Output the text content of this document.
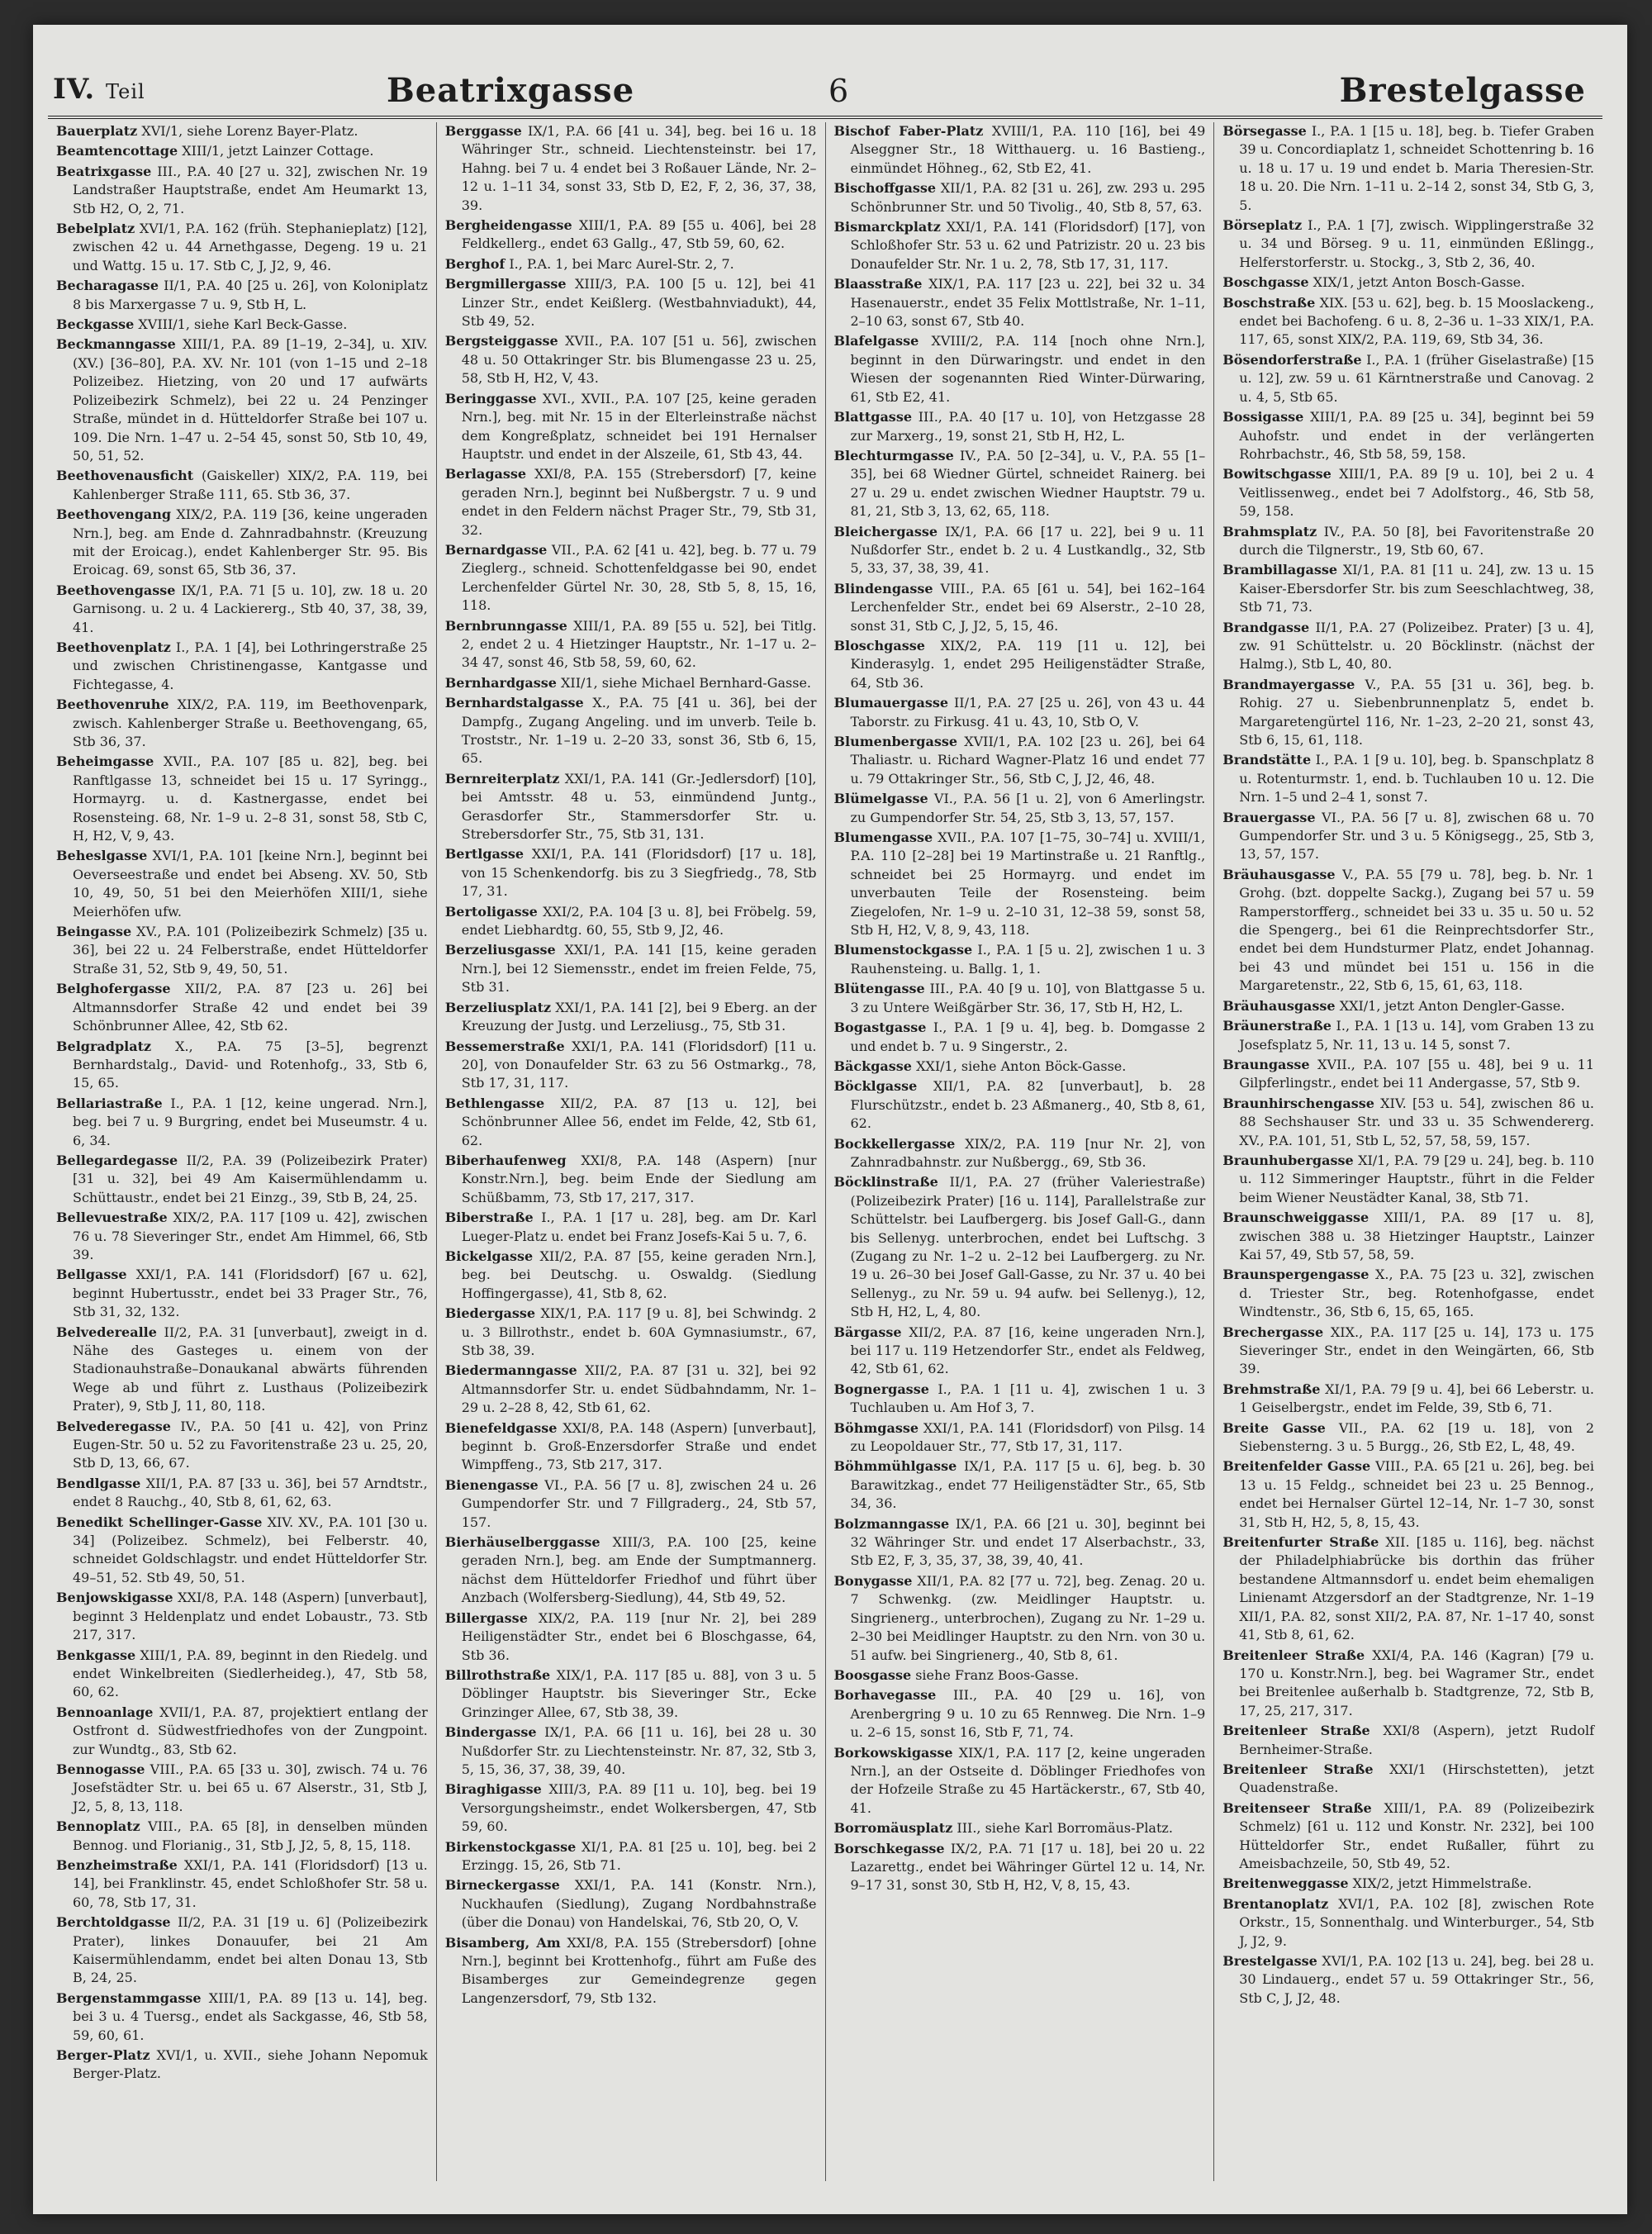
IV. Teil	Beatrixgasse	6	Brestelgasse

Bauerplatz XVI/1, siehe Lorenz Bayer-Platz.

Beamtencottage XIII/1, jetzt Lainzer Cottage.

Beatrixgasse III., P.A. 40 [27 u. 32], zwischen Nr. 19 Landstraßer Hauptstraße, endet Am Heumarkt 13, Stb H2, O, 2, 71.

Bebelplatz XVI/1, P.A. 162 (früh. Stephanieplatz) [12], zwischen 42 u. 44 Arnethgasse, Degeng. 19 u. 21 und Wattg. 15 u. 17. Stb C, J, J2, 9, 46.

Becharagasse II/1, P.A. 40 [25 u. 26], von Koloniplatz 8 bis Marxergasse 7 u. 9, Stb H, L.

Beckgasse XVIII/1, siehe Karl Beck-Gasse.

Beckmanngasse XIII/1, P.A. 89 [1–19, 2–34], u. XIV. (XV.) [36–80], P.A. XV. Nr. 101 (von 1–15 und 2–18 Polizeibez. Hietzing, von 20 und 17 aufwärts Polizeibezirk Schmelz), bei 22 u. 24 Penzinger Straße, mündet in d. Hütteldorfer Straße bei 107 u. 109. Die Nrn. 1–47 u. 2–54 45, sonst 50, Stb 10, 49, 50, 51, 52.

Beethovenausficht (Gaiskeller) XIX/2, P.A. 119, bei Kahlenberger Straße 111, 65. Stb 36, 37.

Beethovengang XIX/2, P.A. 119 [36, keine ungeraden Nrn.], beg. am Ende d. Zahnradbahnstr. (Kreuzung mit der Eroicag.), endet Kahlenberger Str. 95. Bis Eroicag. 69, sonst 65, Stb 36, 37.

Beethovengasse IX/1, P.A. 71 [5 u. 10], zw. 18 u. 20 Garnisong. u. 2 u. 4 Lackiererg., Stb 40, 37, 38, 39, 41.

Beethovenplatz I., P.A. 1 [4], bei Lothringerstraße 25 und zwischen Christinengasse, Kantgasse und Fichtegasse, 4.

Beethovenruhe XIX/2, P.A. 119, im Beethovenpark, zwisch. Kahlenberger Straße u. Beethovengang, 65, Stb 36, 37.

Beheimgasse XVII., P.A. 107 [85 u. 82], beg. bei Ranftlgasse 13, schneidet bei 15 u. 17 Syringg., Hormayrg. u. d. Kastnergasse, endet bei Rosensteing. 68, Nr. 1–9 u. 2–8 31, sonst 58, Stb C, H, H2, V, 9, 43.

Beheslgasse XVI/1, P.A. 101 [keine Nrn.], beginnt bei Oeverseestraße und endet bei Abseng. XV. 50, Stb 10, 49, 50, 51 bei den Meierhöfen XIII/1, siehe Meierhöfen ufw.

Beingasse XV., P.A. 101 (Polizeibezirk Schmelz) [35 u. 36], bei 22 u. 24 Felberstraße, endet Hütteldorfer Straße 31, 52, Stb 9, 49, 50, 51.

Belghofergasse XII/2, P.A. 87 [23 u. 26] bei Altmannsdorfer Straße 42 und endet bei 39 Schönbrunner Allee, 42, Stb 62.

Belgradplatz X., P.A. 75 [3–5], begrenzt Bernhardstalg., David- und Rotenhofg., 33, Stb 6, 15, 65.

Bellariastraße I., P.A. 1 [12, keine ungerad. Nrn.], beg. bei 7 u. 9 Burgring, endet bei Museumstr. 4 u. 6, 34.

Bellegardegasse II/2, P.A. 39 (Polizeibezirk Prater) [31 u. 32], bei 49 Am Kaisermühlendamm u. Schüttaustr., endet bei 21 Einzg., 39, Stb B, 24, 25.

Bellevuestraße XIX/2, P.A. 117 [109 u. 42], zwischen 76 u. 78 Sieveringer Str., endet Am Himmel, 66, Stb 39.

Bellgasse XXI/1, P.A. 141 (Floridsdorf) [67 u. 62], beginnt Hubertusstr., endet bei 33 Prager Str., 76, Stb 31, 32, 132.

Belvederealle II/2, P.A. 31 [unverbaut], zweigt in d. Nähe des Gasteges u. einem von der Stadionauhstraße–Donaukanal abwärts führenden Wege ab und führt z. Lusthaus (Polizeibezirk Prater), 9, Stb J, 11, 80, 118.

Belvederegasse IV., P.A. 50 [41 u. 42], von Prinz Eugen-Str. 50 u. 52 zu Favoritenstraße 23 u. 25, 20, Stb D, 13, 66, 67.

Bendlgasse XII/1, P.A. 87 [33 u. 36], bei 57 Arndtstr., endet 8 Rauchg., 40, Stb 8, 61, 62, 63.

Benedikt Schellinger-Gasse XIV. XV., P.A. 101 [30 u. 34] (Polizeibez. Schmelz), bei Felberstr. 40, schneidet Goldschlagstr. und endet Hütteldorfer Str. 49–51, 52. Stb 49, 50, 51.

Benjowskigasse XXI/8, P.A. 148 (Aspern) [unverbaut], beginnt 3 Heldenplatz und endet Lobaustr., 73. Stb 217, 317.

Benkgasse XIII/1, P.A. 89, beginnt in den Riedelg. und endet Winkelbreiten (Siedlerheideg.), 47, Stb 58, 60, 62.

Bennoanlage XVII/1, P.A. 87, projektiert entlang der Ostfront d. Südwestfriedhofes von der Zungpoint. zur Wundtg., 83, Stb 62.

Bennogasse VIII., P.A. 65 [33 u. 30], zwisch. 74 u. 76 Josefstädter Str. u. bei 65 u. 67 Alserstr., 31, Stb J, J2, 5, 8, 13, 118.

Bennoplatz VIII., P.A. 65 [8], in denselben münden Bennog. und Florianig., 31, Stb J, J2, 5, 8, 15, 118.

Benzheimstraße XXI/1, P.A. 141 (Floridsdorf) [13 u. 14], bei Franklinstr. 45, endet Schloßhofer Str. 58 u. 60, 78, Stb 17, 31.

Berchtoldgasse II/2, P.A. 31 [19 u. 6] (Polizeibezirk Prater), linkes Donauufer, bei 21 Am Kaisermühlendamm, endet bei alten Donau 13, Stb B, 24, 25.

Bergenstammgasse XIII/1, P.A. 89 [13 u. 14], beg. bei 3 u. 4 Tuersg., endet als Sackgasse, 46, Stb 58, 59, 60, 61.

Berger-Platz XVI/1, u. XVII., siehe Johann Nepomuk Berger-Platz.

Berggasse IX/1, P.A. 66 [41 u. 34], beg. bei 16 u. 18 Währinger Str., schneid. Liechtensteinstr. bei 17, Hahng. bei 7 u. 4 endet bei 3 Roßauer Lände, Nr. 2–12 u. 1–11 34, sonst 33, Stb D, E2, F, 2, 36, 37, 38, 39.

Bergheidengasse XIII/1, P.A. 89 [55 u. 406], bei 28 Feldkellerg., endet 63 Gallg., 47, Stb 59, 60, 62.

Berghof I., P.A. 1, bei Marc Aurel-Str. 2, 7.

Bergmillergasse XIII/3, P.A. 100 [5 u. 12], bei 41 Linzer Str., endet Keißlerg. (Westbahnviadukt), 44, Stb 49, 52.

Bergsteiggasse XVII., P.A. 107 [51 u. 56], zwischen 48 u. 50 Ottakringer Str. bis Blumengasse 23 u. 25, 58, Stb H, H2, V, 43.

Beringgasse XVI., XVII., P.A. 107 [25, keine geraden Nrn.], beg. mit Nr. 15 in der Elterleinstraße nächst dem Kongreßplatz, schneidet bei 191 Hernalser Hauptstr. und endet in der Alszeile, 61, Stb 43, 44.

Berlagasse XXI/8, P.A. 155 (Strebersdorf) [7, keine geraden Nrn.], beginnt bei Nußbergstr. 7 u. 9 und endet in den Feldern nächst Prager Str., 79, Stb 31, 32.

Bernardgasse VII., P.A. 62 [41 u. 42], beg. b. 77 u. 79 Zieglerg., schneid. Schottenfeldgasse bei 90, endet Lerchenfelder Gürtel Nr. 30, 28, Stb 5, 8, 15, 16, 118.

Bernbrunngasse XIII/1, P.A. 89 [55 u. 52], bei Titlg. 2, endet 2 u. 4 Hietzinger Hauptstr., Nr. 1–17 u. 2–34 47, sonst 46, Stb 58, 59, 60, 62.

Bernhardgasse XII/1, siehe Michael Bernhard-Gasse.

Bernhardstalgasse X., P.A. 75 [41 u. 36], bei der Dampfg., Zugang Angeling. und im unverb. Teile b. Troststr., Nr. 1–19 u. 2–20 33, sonst 36, Stb 6, 15, 65.

Bernreiterplatz XXI/1, P.A. 141 (Gr.-Jedlersdorf) [10], bei Amtsstr. 48 u. 53, einmündend Juntg., Gerasdorfer Str., Stammersdorfer Str. u. Strebersdorfer Str., 75, Stb 31, 131.

Bertlgasse XXI/1, P.A. 141 (Floridsdorf) [17 u. 18], von 15 Schenkendorfg. bis zu 3 Siegfriedg., 78, Stb 17, 31.

Bertoligasse XXI/2, P.A. 104 [3 u. 8], bei Fröbelg. 59, endet Liebhardtg. 60, 55, Stb 9, J2, 46.

Berzeliusgasse XXI/1, P.A. 141 [15, keine geraden Nrn.], bei 12 Siemensstr., endet im freien Felde, 75, Stb 31.

Berzeliusplatz XXI/1, P.A. 141 [2], bei 9 Eberg. an der Kreuzung der Justg. und Lerzeliusg., 75, Stb 31.

Bessemerstraße XXI/1, P.A. 141 (Floridsdorf) [11 u. 20], von Donaufelder Str. 63 zu 56 Ostmarkg., 78, Stb 17, 31, 117.

Bethlengasse XII/2, P.A. 87 [13 u. 12], bei Schönbrunner Allee 56, endet im Felde, 42, Stb 61, 62.

Biberhaufenweg XXI/8, P.A. 148 (Aspern) [nur Konstr.Nrn.], beg. beim Ende der Siedlung am Schüßbamm, 73, Stb 17, 217, 317.

Biberstraße I., P.A. 1 [17 u. 28], beg. am Dr. Karl Lueger-Platz u. endet bei Franz Josefs-Kai 5 u. 7, 6.

Bickelgasse XII/2, P.A. 87 [55, keine geraden Nrn.], beg. bei Deutschg. u. Oswaldg. (Siedlung Hoffingergasse), 41, Stb 8, 62.

Biedergasse XIX/1, P.A. 117 [9 u. 8], bei Schwindg. 2 u. 3 Billrothstr., endet b. 60A Gymnasiumstr., 67, Stb 38, 39.

Biedermanngasse XII/2, P.A. 87 [31 u. 32], bei 92 Altmannsdorfer Str. u. endet Südbahndamm, Nr. 1–29 u. 2–28 8, 42, Stb 61, 62.

Bienefeldgasse XXI/8, P.A. 148 (Aspern) [unverbaut], beginnt b. Groß-Enzersdorfer Straße und endet Wimpffeng., 73, Stb 217, 317.

Bienengasse VI., P.A. 56 [7 u. 8], zwischen 24 u. 26 Gumpendorfer Str. und 7 Fillgraderg., 24, Stb 57, 157.

Bierhäuselberggasse XIII/3, P.A. 100 [25, keine geraden Nrn.], beg. am Ende der Sumptmannerg. nächst dem Hütteldorfer Friedhof und führt über Anzbach (Wolfersberg-Siedlung), 44, Stb 49, 52.

Billergasse XIX/2, P.A. 119 [nur Nr. 2], bei 289 Heiligenstädter Str., endet bei 6 Bloschgasse, 64, Stb 36.

Billrothstraße XIX/1, P.A. 117 [85 u. 88], von 3 u. 5 Döblinger Hauptstr. bis Sieveringer Str., Ecke Grinzinger Allee, 67, Stb 38, 39.

Bindergasse IX/1, P.A. 66 [11 u. 16], bei 28 u. 30 Nußdorfer Str. zu Liechtensteinstr. Nr. 87, 32, Stb 3, 5, 15, 36, 37, 38, 39, 40.

Biraghigasse XIII/3, P.A. 89 [11 u. 10], beg. bei 19 Versorgungsheimstr., endet Wolkersbergen, 47, Stb 59, 60.

Birkenstockgasse XI/1, P.A. 81 [25 u. 10], beg. bei 2 Erzingg. 15, 26, Stb 71.

Birneckergasse XXI/1, P.A. 141 (Konstr. Nrn.), Nuckhaufen (Siedlung), Zugang Nordbahnstraße (über die Donau) von Handelskai, 76, Stb 20, O, V.

Bisamberg, Am XXI/8, P.A. 155 (Strebersdorf) [ohne Nrn.], beginnt bei Krottenhofg., führt am Fuße des Bisamberges zur Gemeindegrenze gegen Langenzersdorf, 79, Stb 132.

Bischof Faber-Platz XVIII/1, P.A. 110 [16], bei 49 Alseggner Str., 18 Witthauerg. u. 16 Bastieng., einmündet Höhneg., 62, Stb E2, 41.

Bischoffgasse XII/1, P.A. 82 [31 u. 26], zw. 293 u. 295 Schönbrunner Str. und 50 Tivolig., 40, Stb 8, 57, 63.

Bismarckplatz XXI/1, P.A. 141 (Floridsdorf) [17], von Schloßhofer Str. 53 u. 62 und Patrizistr. 20 u. 23 bis Donaufelder Str. Nr. 1 u. 2, 78, Stb 17, 31, 117.

Blaasstraße XIX/1, P.A. 117 [23 u. 22], bei 32 u. 34 Hasenauerstr., endet 35 Felix Mottlstraße, Nr. 1–11, 2–10 63, sonst 67, Stb 40.

Blafelgasse XVIII/2, P.A. 114 [noch ohne Nrn.], beginnt in den Dürwaringstr. und endet in den Wiesen der sogenannten Ried Winter-Dürwaring, 61, Stb E2, 41.

Blattgasse III., P.A. 40 [17 u. 10], von Hetzgasse 28 zur Marxerg., 19, sonst 21, Stb H, H2, L.

Blechturmgasse IV., P.A. 50 [2–34], u. V., P.A. 55 [1–35], bei 68 Wiedner Gürtel, schneidet Rainerg. bei 27 u. 29 u. endet zwischen Wiedner Hauptstr. 79 u. 81, 21, Stb 3, 13, 62, 65, 118.

Bleichergasse IX/1, P.A. 66 [17 u. 22], bei 9 u. 11 Nußdorfer Str., endet b. 2 u. 4 Lustkandlg., 32, Stb 5, 33, 37, 38, 39, 41.

Blindengasse VIII., P.A. 65 [61 u. 54], bei 162–164 Lerchenfelder Str., endet bei 69 Alserstr., 2–10 28, sonst 31, Stb C, J, J2, 5, 15, 46.

Bloschgasse XIX/2, P.A. 119 [11 u. 12], bei Kinderasylg. 1, endet 295 Heiligenstädter Straße, 64, Stb 36.

Blumauergasse II/1, P.A. 27 [25 u. 26], von 43 u. 44 Taborstr. zu Firkusg. 41 u. 43, 10, Stb O, V.

Blumenbergasse XVII/1, P.A. 102 [23 u. 26], bei 64 Thaliastr. u. Richard Wagner-Platz 16 und endet 77 u. 79 Ottakringer Str., 56, Stb C, J, J2, 46, 48.

Blümelgasse VI., P.A. 56 [1 u. 2], von 6 Amerlingstr. zu Gumpendorfer Str. 54, 25, Stb 3, 13, 57, 157.

Blumengasse XVII., P.A. 107 [1–75, 30–74] u. XVIII/1, P.A. 110 [2–28] bei 19 Martinstraße u. 21 Ranftlg., schneidet bei 25 Hormayrg. und endet im unverbauten Teile der Rosensteing. beim Ziegelofen, Nr. 1–9 u. 2–10 31, 12–38 59, sonst 58, Stb H, H2, V, 8, 9, 43, 118.

Blumenstockgasse I., P.A. 1 [5 u. 2], zwischen 1 u. 3 Rauhensteing. u. Ballg. 1, 1.

Blütengasse III., P.A. 40 [9 u. 10], von Blattgasse 5 u. 3 zu Untere Weißgärber Str. 36, 17, Stb H, H2, L.

Bogastgasse I., P.A. 1 [9 u. 4], beg. b. Domgasse 2 und endet b. 7 u. 9 Singerstr., 2.

Bäckgasse XXI/1, siehe Anton Böck-Gasse.

Böcklgasse XII/1, P.A. 82 [unverbaut], b. 28 Flurschützstr., endet b. 23 Aßmanerg., 40, Stb 8, 61, 62.

Bockkellergasse XIX/2, P.A. 119 [nur Nr. 2], von Zahnradbahnstr. zur Nußbergg., 69, Stb 36.

Böcklinstraße II/1, P.A. 27 (früher Valeriestraße) (Polizeibezirk Prater) [16 u. 114], Parallelstraße zur Schüttelstr. bei Laufbergerg. bis Josef Gall-G., dann bis Sellenyg. unterbrochen, endet bei Luftschg. 3 (Zugang zu Nr. 1–2 u. 2–12 bei Laufbergerg. zu Nr. 19 u. 26–30 bei Josef Gall-Gasse, zu Nr. 37 u. 40 bei Sellenyg., zu Nr. 59 u. 94 aufw. bei Sellenyg.), 12, Stb H, H2, L, 4, 80.

Bärgasse XII/2, P.A. 87 [16, keine ungeraden Nrn.], bei 117 u. 119 Hetzendorfer Str., endet als Feldweg, 42, Stb 61, 62.

Bognergasse I., P.A. 1 [11 u. 4], zwischen 1 u. 3 Tuchlauben u. Am Hof 3, 7.

Böhmgasse XXI/1, P.A. 141 (Floridsdorf) von Pilsg. 14 zu Leopoldauer Str., 77, Stb 17, 31, 117.

Böhmmühlgasse IX/1, P.A. 117 [5 u. 6], beg. b. 30 Barawitzkag., endet 77 Heiligenstädter Str., 65, Stb 34, 36.

Bolzmanngasse IX/1, P.A. 66 [21 u. 30], beginnt bei 32 Währinger Str. und endet 17 Alserbachstr., 33, Stb E2, F, 3, 35, 37, 38, 39, 40, 41.

Bonygasse XII/1, P.A. 82 [77 u. 72], beg. Zenag. 20 u. 7 Schwenkg. (zw. Meidlinger Hauptstr. u. Singrienerg., unterbrochen), Zugang zu Nr. 1–29 u. 2–30 bei Meidlinger Hauptstr. zu den Nrn. von 30 u. 51 aufw. bei Singrienerg., 40, Stb 8, 61.

Boosgasse siehe Franz Boos-Gasse.

Borhavegasse III., P.A. 40 [29 u. 16], von Arenbergring 9 u. 10 zu 65 Rennweg. Die Nrn. 1–9 u. 2–6 15, sonst 16, Stb F, 71, 74.

Borkowskigasse XIX/1, P.A. 117 [2, keine ungeraden Nrn.], an der Ostseite d. Döblinger Friedhofes von der Hofzeile Straße zu 45 Hartäckerstr., 67, Stb 40, 41.

Borromäusplatz III., siehe Karl Borromäus-Platz.

Borschkegasse IX/2, P.A. 71 [17 u. 18], bei 20 u. 22 Lazarettg., endet bei Währinger Gürtel 12 u. 14, Nr. 9–17 31, sonst 30, Stb H, H2, V, 8, 15, 43.

Börsegasse I., P.A. 1 [15 u. 18], beg. b. Tiefer Graben 39 u. Concordiaplatz 1, schneidet Schottenring b. 16 u. 18 u. 17 u. 19 und endet b. Maria Theresien-Str. 18 u. 20. Die Nrn. 1–11 u. 2–14 2, sonst 34, Stb G, 3, 5.

Börseplatz I., P.A. 1 [7], zwisch. Wipplingerstraße 32 u. 34 und Börseg. 9 u. 11, einmünden Eßlingg., Helferstorferstr. u. Stockg., 3, Stb 2, 36, 40.

Boschgasse XIX/1, jetzt Anton Bosch-Gasse.

Boschstraße XIX. [53 u. 62], beg. b. 15 Mooslackeng., endet bei Bachofeng. 6 u. 8, 2–36 u. 1–33 XIX/1, P.A. 117, 65, sonst XIX/2, P.A. 119, 69, Stb 34, 36.

Bösendorferstraße I., P.A. 1 (früher Giselastraße) [15 u. 12], zw. 59 u. 61 Kärntnerstraße und Canovag. 2 u. 4, 5, Stb 65.

Bossigasse XIII/1, P.A. 89 [25 u. 34], beginnt bei 59 Auhofstr. und endet in der verlängerten Rohrbachstr., 46, Stb 58, 59, 158.

Bowitschgasse XIII/1, P.A. 89 [9 u. 10], bei 2 u. 4 Veitlissenweg., endet bei 7 Adolfstorg., 46, Stb 58, 59, 158.

Brahmsplatz IV., P.A. 50 [8], bei Favoritenstraße 20 durch die Tilgnerstr., 19, Stb 60, 67.

Brambillagasse XI/1, P.A. 81 [11 u. 24], zw. 13 u. 15 Kaiser-Ebersdorfer Str. bis zum Seeschlachtweg, 38, Stb 71, 73.

Brandgasse II/1, P.A. 27 (Polizeibez. Prater) [3 u. 4], zw. 91 Schüttelstr. u. 20 Böcklinstr. (nächst der Halmg.), Stb L, 40, 80.

Brandmayergasse V., P.A. 55 [31 u. 36], beg. b. Rohig. 27 u. Siebenbrunnenplatz 5, endet b. Margaretengürtel 116, Nr. 1–23, 2–20 21, sonst 43, Stb 6, 15, 61, 118.

Brandstätte I., P.A. 1 [9 u. 10], beg. b. Spanschplatz 8 u. Rotenturmstr. 1, end. b. Tuchlauben 10 u. 12. Die Nrn. 1–5 und 2–4 1, sonst 7.

Brauergasse VI., P.A. 56 [7 u. 8], zwischen 68 u. 70 Gumpendorfer Str. und 3 u. 5 Königsegg., 25, Stb 3, 13, 57, 157.

Bräuhausgasse V., P.A. 55 [79 u. 78], beg. b. Nr. 1 Grohg. (bzt. doppelte Sackg.), Zugang bei 57 u. 59 Ramperstorfferg., schneidet bei 33 u. 35 u. 50 u. 52 die Spengerg., bei 61 die Reinprechtsdorfer Str., endet bei dem Hundsturmer Platz, endet Johannag. bei 43 und mündet bei 151 u. 156 in die Margaretenstr., 22, Stb 6, 15, 61, 63, 118.

Bräuhausgasse XXI/1, jetzt Anton Dengler-Gasse.

Bräunerstraße I., P.A. 1 [13 u. 14], vom Graben 13 zu Josefsplatz 5, Nr. 11, 13 u. 14 5, sonst 7.

Braungasse XVII., P.A. 107 [55 u. 48], bei 9 u. 11 Gilpferlingstr., endet bei 11 Andergasse, 57, Stb 9.

Braunhirschengasse XIV. [53 u. 54], zwischen 86 u. 88 Sechshauser Str. und 33 u. 35 Schwendererg. XV., P.A. 101, 51, Stb L, 52, 57, 58, 59, 157.

Braunhubergasse XI/1, P.A. 79 [29 u. 24], beg. b. 110 u. 112 Simmeringer Hauptstr., führt in die Felder beim Wiener Neustädter Kanal, 38, Stb 71.

Braunschweiggasse XIII/1, P.A. 89 [17 u. 8], zwischen 388 u. 38 Hietzinger Hauptstr., Lainzer Kai 57, 49, Stb 57, 58, 59.

Braunspergengasse X., P.A. 75 [23 u. 32], zwischen d. Triester Str., beg. Rotenhofgasse, endet Windtenstr., 36, Stb 6, 15, 65, 165.

Brechergasse XIX., P.A. 117 [25 u. 14], 173 u. 175 Sieveringer Str., endet in den Weingärten, 66, Stb 39.

Brehmstraße XI/1, P.A. 79 [9 u. 4], bei 66 Leberstr. u. 1 Geiselbergstr., endet im Felde, 39, Stb 6, 71.

Breite Gasse VII., P.A. 62 [19 u. 18], von 2 Siebensterng. 3 u. 5 Burgg., 26, Stb E2, L, 48, 49.

Breitenfelder Gasse VIII., P.A. 65 [21 u. 26], beg. bei 13 u. 15 Feldg., schneidet bei 23 u. 25 Bennog., endet bei Hernalser Gürtel 12–14, Nr. 1–7 30, sonst 31, Stb H, H2, 5, 8, 15, 43.

Breitenfurter Straße XII. [185 u. 116], beg. nächst der Philadelphiabrücke bis dorthin das früher bestandene Altmannsdorf u. endet beim ehemaligen Linienamt Atzgersdorf an der Stadtgrenze, Nr. 1–19 XII/1, P.A. 82, sonst XII/2, P.A. 87, Nr. 1–17 40, sonst 41, Stb 8, 61, 62.

Breitenleer Straße XXI/4, P.A. 146 (Kagran) [79 u. 170 u. Konstr.Nrn.], beg. bei Wagramer Str., endet bei Breitenlee außerhalb b. Stadtgrenze, 72, Stb B, 17, 25, 217, 317.

Breitenleer Straße XXI/8 (Aspern), jetzt Rudolf Bernheimer-Straße.

Breitenleer Straße XXI/1 (Hirschstetten), jetzt Quadenstraße.

Breitenseer Straße XIII/1, P.A. 89 (Polizeibezirk Schmelz) [61 u. 112 und Konstr. Nr. 232], bei 100 Hütteldorfer Str., endet Rußaller, führt zu Ameisbachzeile, 50, Stb 49, 52.

Breitenweggasse XIX/2, jetzt Himmelstraße.

Brentanoplatz XVI/1, P.A. 102 [8], zwischen Rote Orkstr., 15, Sonnenthalg. und Winterburger., 54, Stb J, J2, 9.

Brestelgasse XVI/1, P.A. 102 [13 u. 24], beg. bei 28 u. 30 Lindauerg., endet 57 u. 59 Ottakringer Str., 56, Stb C, J, J2, 48.
